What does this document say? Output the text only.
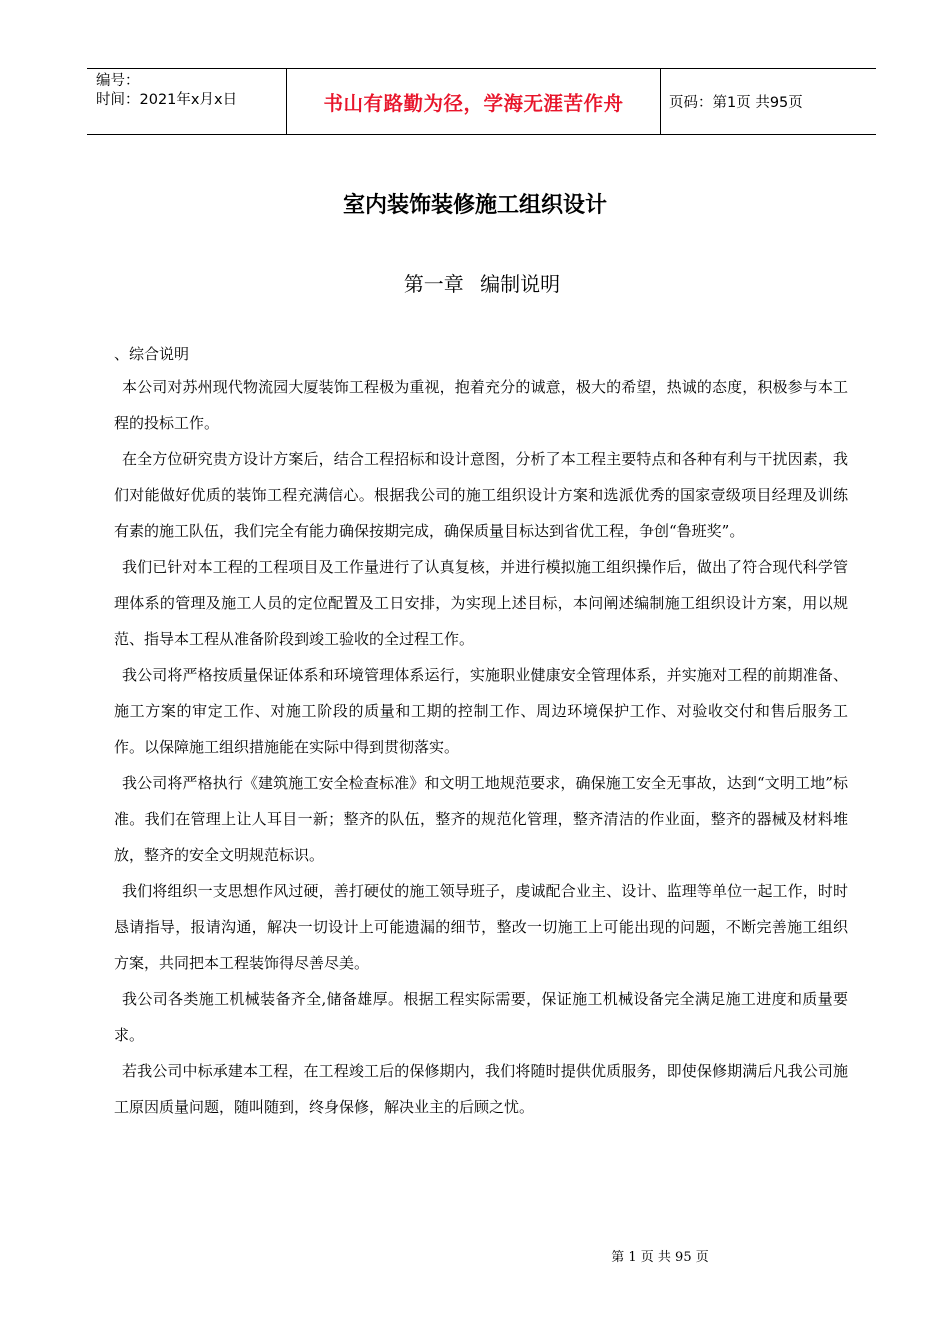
编号：
时间：2021年x月x日	书山有路勤为径，学海无涯苦作舟	页码：第1页 共95页
室内装饰装修施工组织设计
第一章 编制说明

、综合说明

本公司对苏州现代物流园大厦装饰工程极为重视，抱着充分的诚意，极大的希望，热诚的态度，积极参与本工程的投标工作。

在全方位研究贵方设计方案后，结合工程招标和设计意图，分析了本工程主要特点和各种有利与干扰因素，我们对能做好优质的装饰工程充满信心。根据我公司的施工组织设计方案和选派优秀的国家壹级项目经理及训练有素的施工队伍，我们完全有能力确保按期完成，确保质量目标达到省优工程，争创“鲁班奖”。

我们已针对本工程的工程项目及工作量进行了认真复核，并进行模拟施工组织操作后，做出了符合现代科学管理体系的管理及施工人员的定位配置及工日安排，为实现上述目标，本问阐述编制施工组织设计方案，用以规范、指导本工程从准备阶段到竣工验收的全过程工作。

我公司将严格按质量保证体系和环境管理体系运行，实施职业健康安全管理体系，并实施对工程的前期准备、施工方案的审定工作、对施工阶段的质量和工期的控制工作、周边环境保护工作、对验收交付和售后服务工作。以保障施工组织措施能在实际中得到贯彻落实。

我公司将严格执行《建筑施工安全检查标准》和文明工地规范要求，确保施工安全无事故，达到“文明工地”标准。我们在管理上让人耳目一新；整齐的队伍，整齐的规范化管理，整齐清洁的作业面，整齐的器械及材料堆放，整齐的安全文明规范标识。

我们将组织一支思想作风过硬，善打硬仗的施工领导班子，虔诚配合业主、设计、监理等单位一起工作，时时恳请指导，报请沟通，解决一切设计上可能遗漏的细节，整改一切施工上可能出现的问题，不断完善施工组织方案，共同把本工程装饰得尽善尽美。

我公司各类施工机械装备齐全,储备雄厚。根据工程实际需要，保证施工机械设备完全满足施工进度和质量要求。

若我公司中标承建本工程，在工程竣工后的保修期内，我们将随时提供优质服务，即使保修期满后凡我公司施工原因质量问题，随叫随到，终身保修，解决业主的后顾之忧。

第 1 页 共 95 页
